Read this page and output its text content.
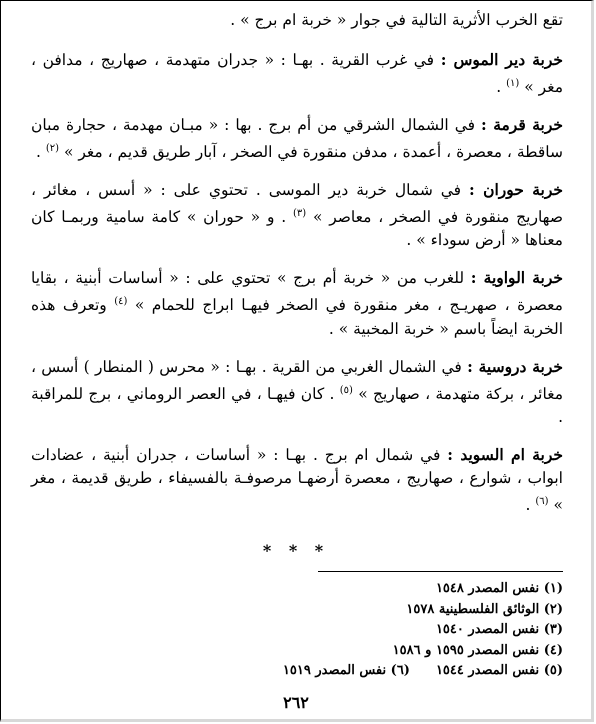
تقع الخرب الأثرية التالية في جوار « خربة ام برج » .

خربة دير الموس : في غرب القرية . بهـا : « جدران متهدمة ، صهاريج ، مدافن ، مغر » $^{(١)}$ .

خربة قرمة : في الشمال الشرقي من أم برج . بها : « مبـان مهدمة ، حجارة مبان ساقطة ، معصرة ، أعمدة ، مدفن منقورة في الصخر ، آبار طريق قديم ، مغر » $^{(٢)}$ .

خربة حوران : في شمال خربة دير الموسى . تحتوي على : « أسس ، مغائر ، صهاريج منقورة في الصخر ، معاصر » $^{(٣)}$ . و « حوران » كامة سامية وربمـا كان معناها « أرض سوداء » .

خربة الواوية : للغرب من « خربة أم برج » تحتوي على : « أساسات أبنية ، بقايا معصرة ، صهريـج ، مغر منقورة في الصخر فيهـا ابراج للحمام » $^{(٤)}$ وتعرف هذه الخربة ايضاً باسم « خربة المخبية » .

خربة دروسية : في الشمال الغربي من القرية . بهـا : « محرس ( المنطار ) أسس ، مغائر ، بركة متهدمة ، صهاريج » $^{(٥)}$ . كان فيهـا ، في العصر الروماني ، برج للمراقبة .

خربة ام السويد : في شمال ام برج . بهـا : « أساسات ، جدران أبنية ، عضادات ابواب ، شوارع ، صهاريج ، معصرة أرضهـا مرصوفـة بالفسيفاء ، طريق قديمة ، مغر » $^{(٦)}$ .

* * *
(١) نفس المصدر ١٥٤٨
(٢) الوثائق الفلسطينية ١٥٧٨
(٣) نفس المصدر ١٥٤٠
(٤) نفس المصدر ١٥٩٥ و ١٥٨٦
(٥) نفس المصدر ١٥٤٤
(٦) نفس المصدر ١٥١٩
٢٦٢
